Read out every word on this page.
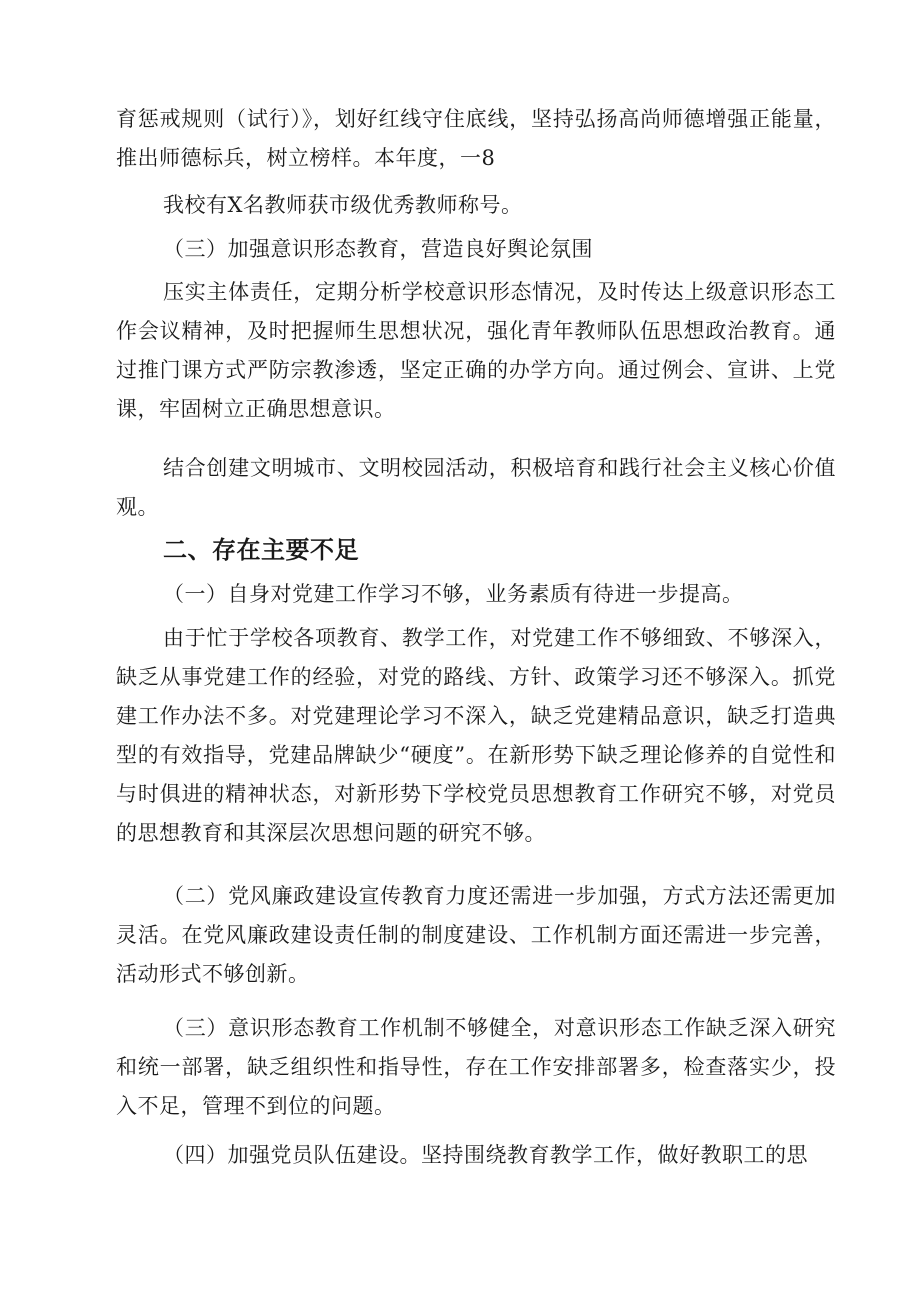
育惩戒规则（试行）》，划好红线守住底线，坚持弘扬高尚师德增强正能量，推出师德标兵，树立榜样。本年度，一8

我校有X名教师获市级优秀教师称号。

（三）加强意识形态教育，营造良好舆论氛围

压实主体责任，定期分析学校意识形态情况，及时传达上级意识形态工作会议精神，及时把握师生思想状况，强化青年教师队伍思想政治教育。通过推门课方式严防宗教渗透，坚定正确的办学方向。通过例会、宣讲、上党课，牢固树立正确思想意识。

结合创建文明城市、文明校园活动，积极培育和践行社会主义核心价值观。

二、存在主要不足

（一）自身对党建工作学习不够，业务素质有待进一步提高。

由于忙于学校各项教育、教学工作，对党建工作不够细致、不够深入，缺乏从事党建工作的经验，对党的路线、方针、政策学习还不够深入。抓党建工作办法不多。对党建理论学习不深入，缺乏党建精品意识，缺乏打造典型的有效指导，党建品牌缺少“硬度”。在新形势下缺乏理论修养的自觉性和与时俱进的精神状态，对新形势下学校党员思想教育工作研究不够，对党员的思想教育和其深层次思想问题的研究不够。

（二）党风廉政建设宣传教育力度还需进一步加强，方式方法还需更加灵活。在党风廉政建设责任制的制度建设、工作机制方面还需进一步完善，活动形式不够创新。

（三）意识形态教育工作机制不够健全，对意识形态工作缺乏深入研究和统一部署，缺乏组织性和指导性，存在工作安排部署多，检查落实少，投入不足，管理不到位的问题。

（四）加强党员队伍建设。坚持围绕教育教学工作，做好教职工的思
